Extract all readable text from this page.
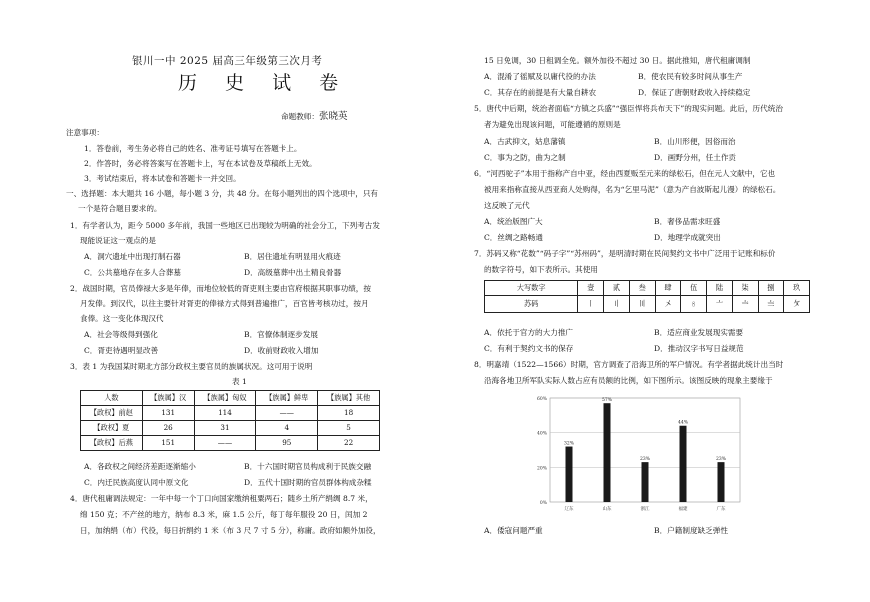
银川一中 2025 届高三年级第三次月考
历 史 试 卷
命题教师：张晓英
注意事项：
1．答卷前，考生务必将自己的姓名、准考证号填写在答题卡上。
2．作答时，务必将答案写在答题卡上，写在本试卷及草稿纸上无效。
3．考试结束后，将本试卷和答题卡一并交回。
一、选择题：本大题共 16 小题，每小题 3 分，共 48 分。在每小题列出的四个选项中，只有
一个是符合题目要求的。
1．有学者认为，距今 5000 多年前，我国一些地区已出现较为明确的社会分工，下列考古发
现能说证这一观点的是
A．洞穴遗址中出现打制石器	B．居住遗址有明显用火痕迹
C．公共墓地存在多人合葬墓	D．高级墓葬中出土精良骨器
2．战国时期，官员俸禄大多是年俸，而地位较低的胥吏则主要由官府根据其职事功绩，按
月发俸。到汉代，以往主要针对胥吏的俸禄方式得到普遍推广，百官皆考核功过，按月
食俸。这一变化体现汉代
A．社会等级得到强化	B．官僚体制逐步发展
C．胥吏待遇明显改善	D．收前财政收入增加
3．表 1 为我国某时期北方部分政权主要官员的族属状况。这可用于说明
表 1
人数	【族属】汉	【族属】匈奴	【族属】鲜卑	【族属】其他
【政权】前赵	131	114	——	18
【政权】夏	26	31	4	5
【政权】后燕	151	——	95	22
A．各政权之间经济差距逐渐缩小	B．十六国时期官员构成利于民族交融
C．内迁民族高度认同中原文化	D．五代十国时期的官员群体构成杂糅
4．唐代租庸调法规定：一年中每一个丁口向国家缴纳租粟两石；随乡土所产绢绸 8.7 米，
绵 150 克；不产丝的地方，纳布 8.3 米，麻 1.5 公斤，每丁每年服役 20 日，闰加 2
日，加纳绢（布）代役，每日折绢约 1 米（布 3 尺 7 寸 5 分），称庸。政府如额外加役，
15 日免调，30 日租调全免。额外加役不超过 30 日。据此推知，唐代租庸调制
A．混淆了徭赋及以庸代役的办法	B．使农民有较多时间从事生产
C．其存在的前提是有大量自耕农	D．保证了唐朝财政收入持续稳定
5．唐代中后期，统治者面临“方镇之兵盛”“强臣悍将兵布天下”的现实问题。此后，历代统治
者为避免出现该问题，可能遵循的原则是
A．古武抑文，姑息藩镇	B．山川形便，因俗而治
C．事为之防，曲为之制	D．画野分州，任土作贡
6．“河西驼子”本用于指称产自中亚，经由西夏贩至元来的绿松石，但在元人文献中，它也
被用来指称直接从西亚商人处购得，名为“乞里马泥”（意为产自波斯起儿漫）的绿松石。
这反映了元代
A．统治版图广大	B．奢侈品需求旺盛
C．丝绸之路畅通	D．地理学成就突出
7．苏码又称“花数”“码子字”“苏州码”，是明清时期在民间契约文书中广泛用于记账和标价
的数字符号，如下表所示。其使用
大写数字	壹	贰	叁	肆	伍	陆	柒	捌	玖
苏码	〡	〢	〣	〤	〥	〦	〧	〨	〩
A．依托于官方的大力推广	B．适应商业发展现实需要
C．有利于契约文书的保存	D．推动汉字书写日益规范
8．明嘉靖（1522—1566）时期，官方调查了沿海卫所的军户情况。有学者据此统计出当时
沿海各地卫所军队实际人数占应有员额的比例，如下图所示。该图反映的现象主要缘于
0%
20%
40%
60%
32%
辽东
57%
山东
23%
浙江
44%
福建
23%
广东
A．倭寇问题严重	B．户籍制度缺乏弹性
